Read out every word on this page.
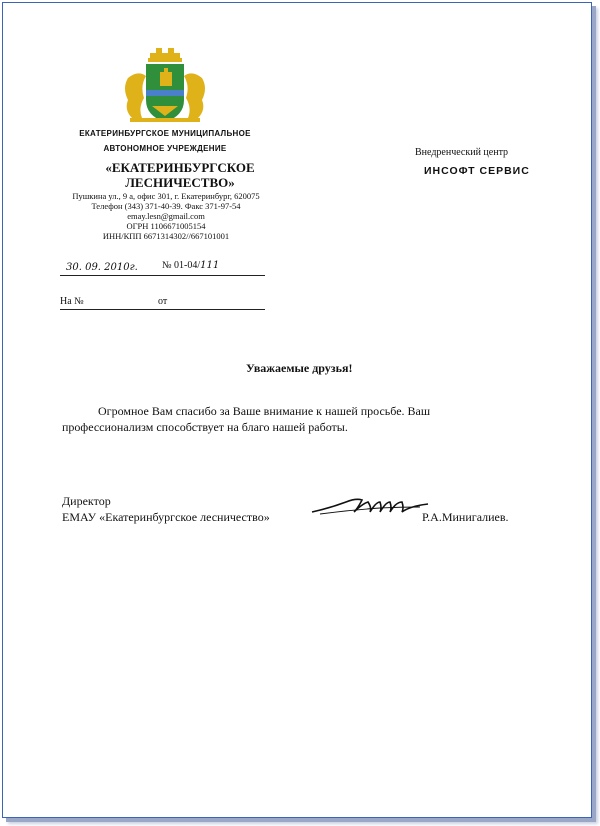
ЕКАТЕРИНБУРГСКОЕ МУНИЦИПАЛЬНОЕ
АВТОНОМНОЕ УЧРЕЖДЕНИЕ
«ЕКАТЕРИНБУРГСКОЕ
ЛЕСНИЧЕСТВО»
Пушкина ул., 9 а, офис 301, г. Екатеринбург, 620075
Телефон (343) 371-40-39. Факс 371-97-54
emay.lesn@gmail.com
ОГРН 1106671005154
ИНН/КПП 6671314302//667101001
30. 09. 2010г. № 01-04/111
На №	от
Внедренческий центр
ИНСОФТ СЕРВИС
Уважаемые друзья!
Огромное Вам спасибо за Ваше внимание к нашей просьбе. Ваш
профессионализм способствует на благо нашей работы.
Директор
ЕМАУ «Екатеринбургское лесничество»	Р.А.Минигалиев.
